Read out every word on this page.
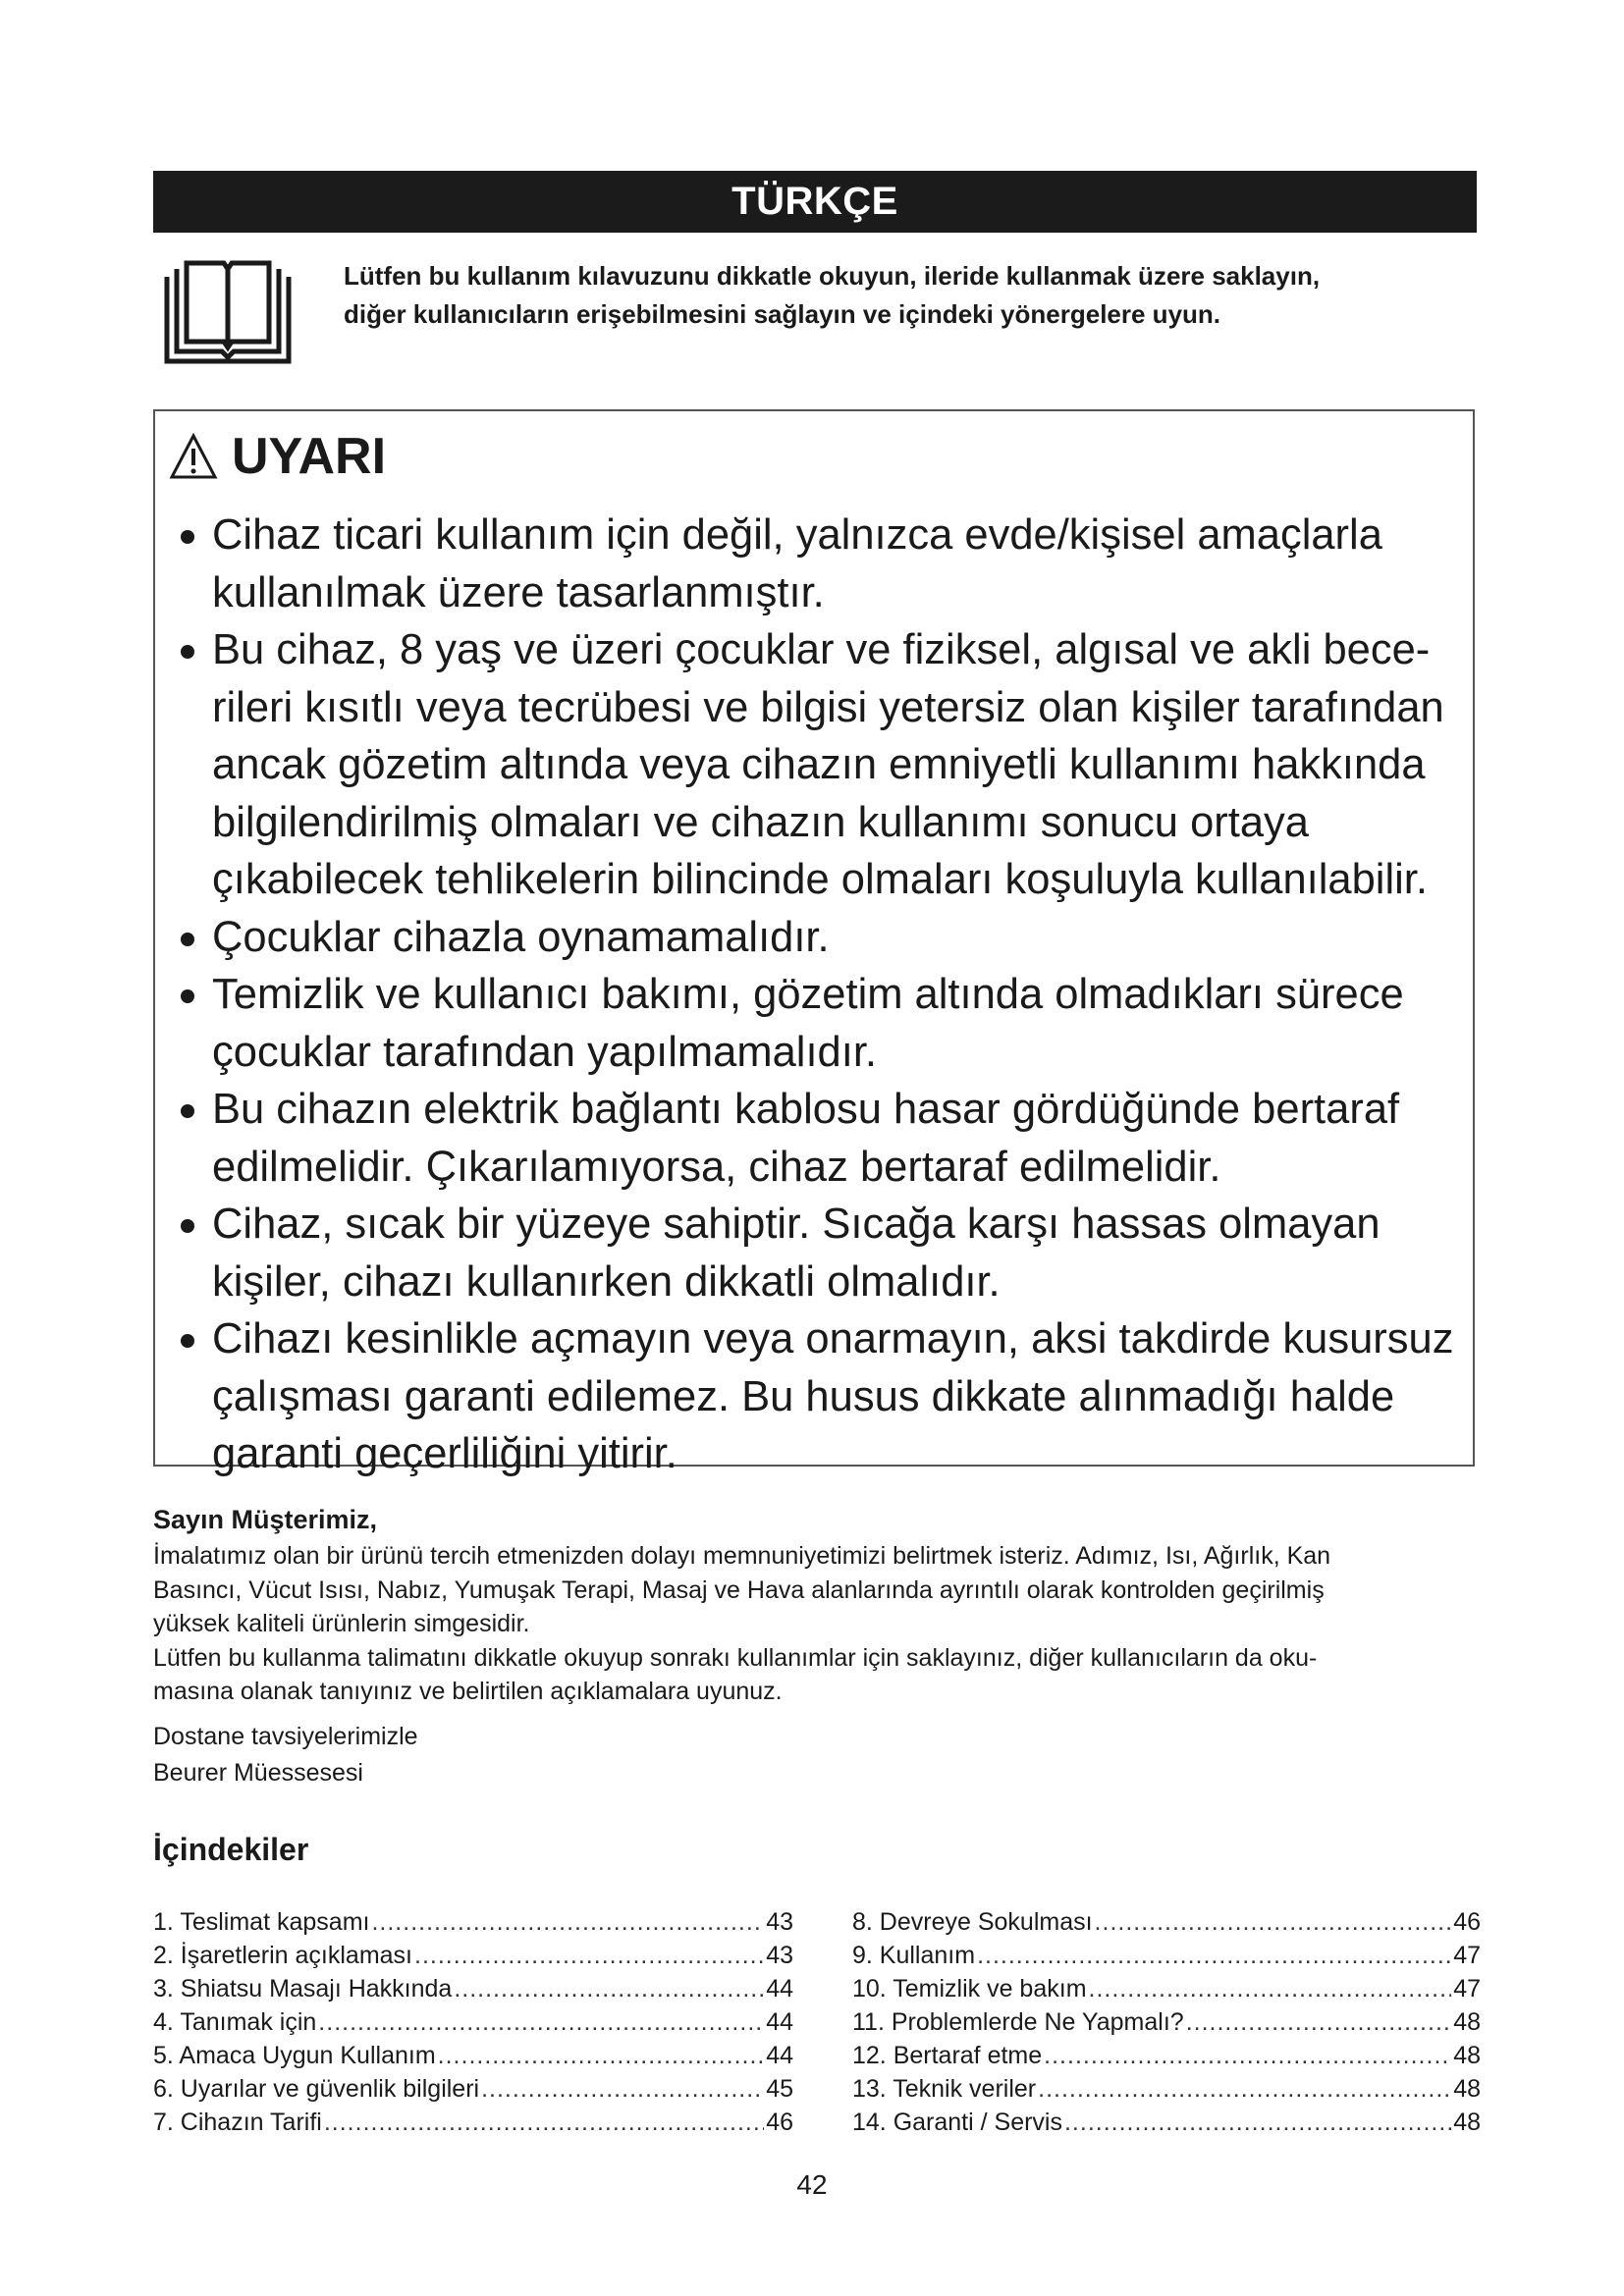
TÜRKÇE
Lütfen bu kullanım kılavuzunu dikkatle okuyun, ileride kullanmak üzere saklayın,
diğer kullanıcıların erişebilmesini sağlayın ve içindeki yönergelere uyun.
UYARI
Cihaz ticari kullanım için değil, yalnızca evde/kişisel amaçlarla
kullanılmak üzere tasarlanmıştır.
Bu cihaz, 8 yaş ve üzeri çocuklar ve fiziksel, algısal ve akli bece-
rileri kısıtlı veya tecrübesi ve bilgisi yetersiz olan kişiler tarafından
ancak gözetim altında veya cihazın emniyetli kullanımı hakkında
bilgilendirilmiş olmaları ve cihazın kullanımı sonucu ortaya
çıkabilecek tehlikelerin bilincinde olmaları koşuluyla kullanılabilir.
Çocuklar cihazla oynamamalıdır.
Temizlik ve kullanıcı bakımı, gözetim altında olmadıkları sürece
çocuklar tarafından yapılmamalıdır.
Bu cihazın elektrik bağlantı kablosu hasar gördüğünde bertaraf
edilmelidir. Çıkarılamıyorsa, cihaz bertaraf edilmelidir.
Cihaz, sıcak bir yüzeye sahiptir. Sıcağa karşı hassas olmayan
kişiler, cihazı kullanırken dikkatli olmalıdır.
Cihazı kesinlikle açmayın veya onarmayın, aksi takdirde kusursuz
çalışması garanti edilemez. Bu husus dikkate alınmadığı halde
garanti geçerliliğini yitirir.

Sayın Müşterimiz,

İmalatımız olan bir ürünü tercih etmenizden dolayı memnuniyetimizi belirtmek isteriz. Adımız, Isı, Ağırlık, Kan

Basıncı, Vücut Isısı, Nabız, Yumuşak Terapi, Masaj ve Hava alanlarında ayrıntılı olarak kontrolden geçirilmiş

yüksek kaliteli ürünlerin simgesidir.

Lütfen bu kullanma talimatını dikkatle okuyup sonrakı kullanımlar için saklayınız, diğer kullanıcıların da oku-

masına olanak tanıyınız ve belirtilen açıklamalara uyunuz.

Dostane tavsiyelerimizle
Beurer Müessesesi
İçindekiler
1. Teslimat kapsamı .....	43
2. İşaretlerin açıklaması .....	43
3. Shiatsu Masajı Hakkında .....	44
4. Tanımak için .....	44
5. Amaca Uygun Kullanım .....	44
6. Uyarılar ve güvenlik bilgileri .....	45
7. Cihazın Tarifi .....	46
8. Devreye Sokulması .....	46
9. Kullanım .....	47
10. Temizlik ve bakım .....	47
11. Problemlerde Ne Yapmalı? .....	48
12. Bertaraf etme .....	48
13. Teknik veriler .....	48
14. Garanti / Servis .....	48
42
